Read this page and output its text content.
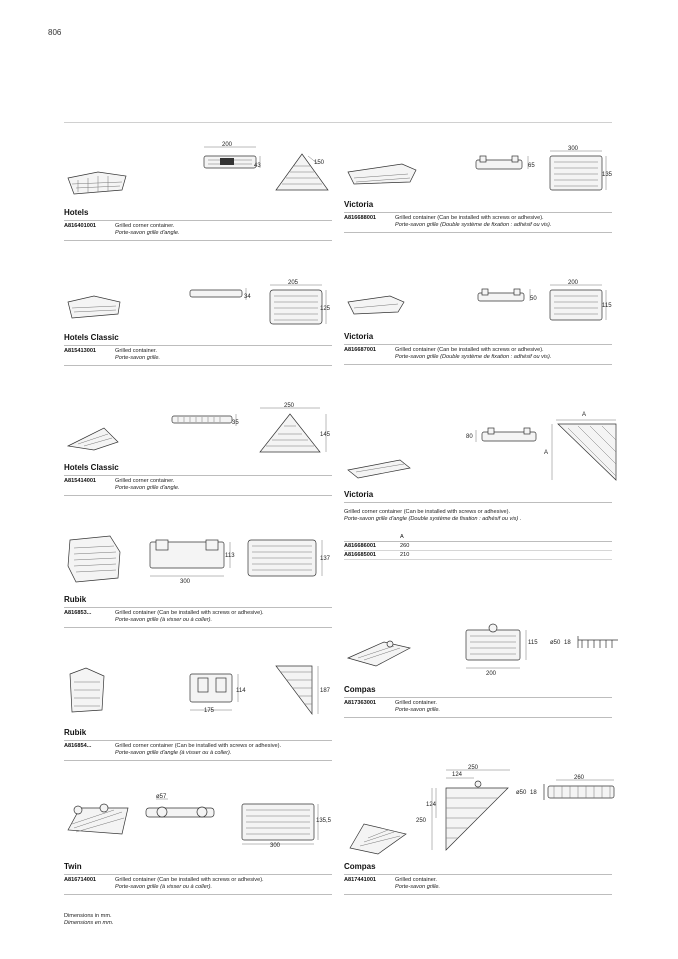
806
200
43	150
34
205
125
35
250
145
113
300
137
114
175
187
ø57
135,5
300
65
300
135
50
200
115
80
A
A
115
200
ø50 18
250
124
124
250
260
ø50 18
Hotels
A816401001	Grilled corner container.
Porte-savon grille d'angle.
Hotels Classic
A815413001	Grilled container.
Porte-savon grille.
Hotels Classic
A815414001	Grilled corner container.
Porte-savon grille d'angle.
Rubik
A816853...	Grilled container (Can be installed with screws or adhesive).
Porte-savon grille (à visser ou à coller).
Rubik
A816854...	Grilled corner container (Can be installed with screws or adhesive).
Porte-savon grille d'angle (à visser ou à coller).
Twin
A816714001	Grilled container (Can be installed with screws or adhesive).
Porte-savon grille (à visser ou à coller).
Victoria
A816688001	Grilled container (Can be installed with screws or adhesive).
Porte-savon grille (Double système de fixation : adhésif ou vis).
Victoria
A816687001	Grilled container (Can be installed with screws or adhesive).
Porte-savon grille (Double système de fixation : adhésif ou vis).
Victoria
Grilled corner container (Can be installed with screws or adhesive).
Porte-savon grille d'angle (Double système de fixation : adhésif ou vis) .
A
A816686001	260
A816685001	210
Compas
A817363001	Grilled container.
Porte-savon grille.
Compas
A817441001	Grilled container.
Porte-savon grille.
Dimensions in mm.
Dimensions en mm.
